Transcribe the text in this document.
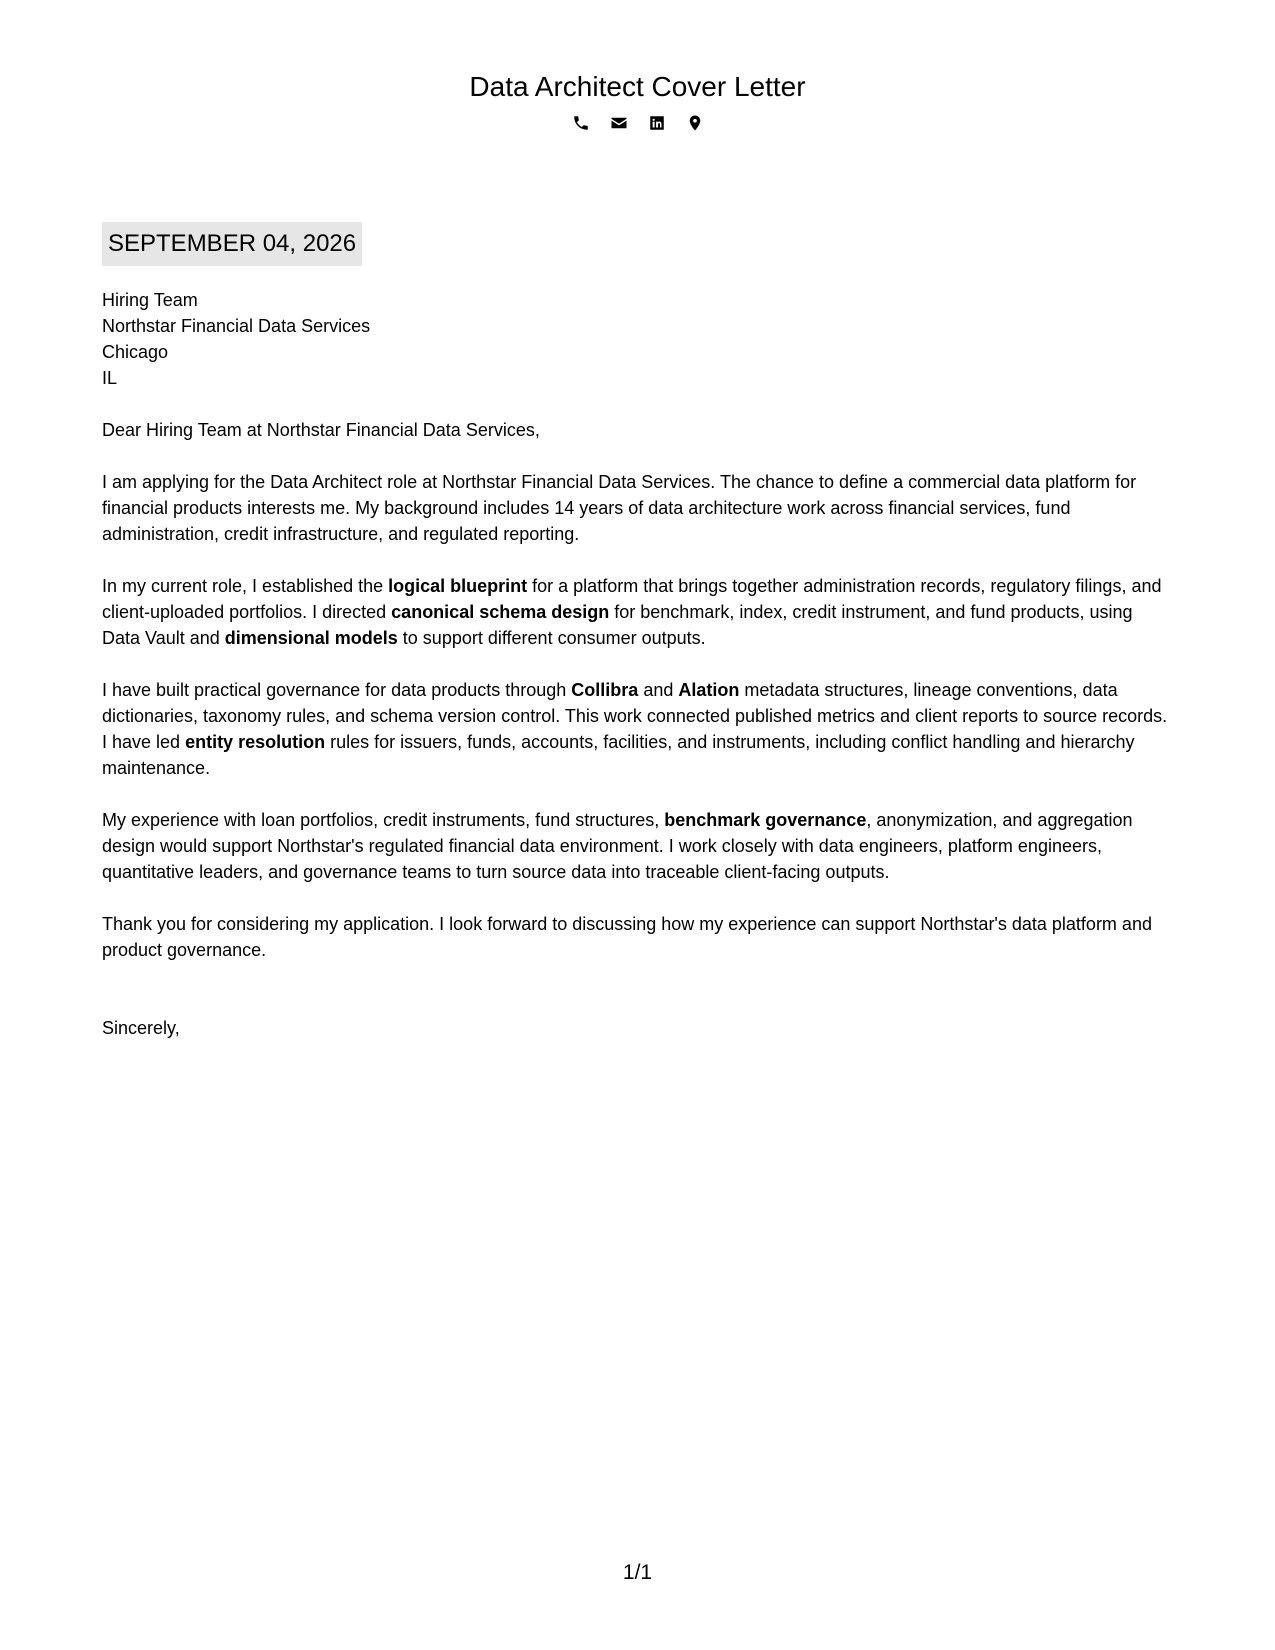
Data Architect Cover Letter
SEPTEMBER 04, 2026
Hiring Team
Northstar Financial Data Services
Chicago
IL

Dear Hiring Team at Northstar Financial Data Services,

I am applying for the Data Architect role at Northstar Financial Data Services. The chance to define a commercial data platform for financial products interests me. My background includes 14 years of data architecture work across financial services, fund administration, credit infrastructure, and regulated reporting.

In my current role, I established the logical blueprint for a platform that brings together administration records, regulatory filings, and client-uploaded portfolios. I directed canonical schema design for benchmark, index, credit instrument, and fund products, using Data Vault and dimensional models to support different consumer outputs.

I have built practical governance for data products through Collibra and Alation metadata structures, lineage conventions, data dictionaries, taxonomy rules, and schema version control. This work connected published metrics and client reports to source records. I have led entity resolution rules for issuers, funds, accounts, facilities, and instruments, including conflict handling and hierarchy maintenance.

My experience with loan portfolios, credit instruments, fund structures, benchmark governance, anonymization, and aggregation design would support Northstar's regulated financial data environment. I work closely with data engineers, platform engineers, quantitative leaders, and governance teams to turn source data into traceable client-facing outputs.

Thank you for considering my application. I look forward to discussing how my experience can support Northstar's data platform and product governance.

Sincerely,
1/1
